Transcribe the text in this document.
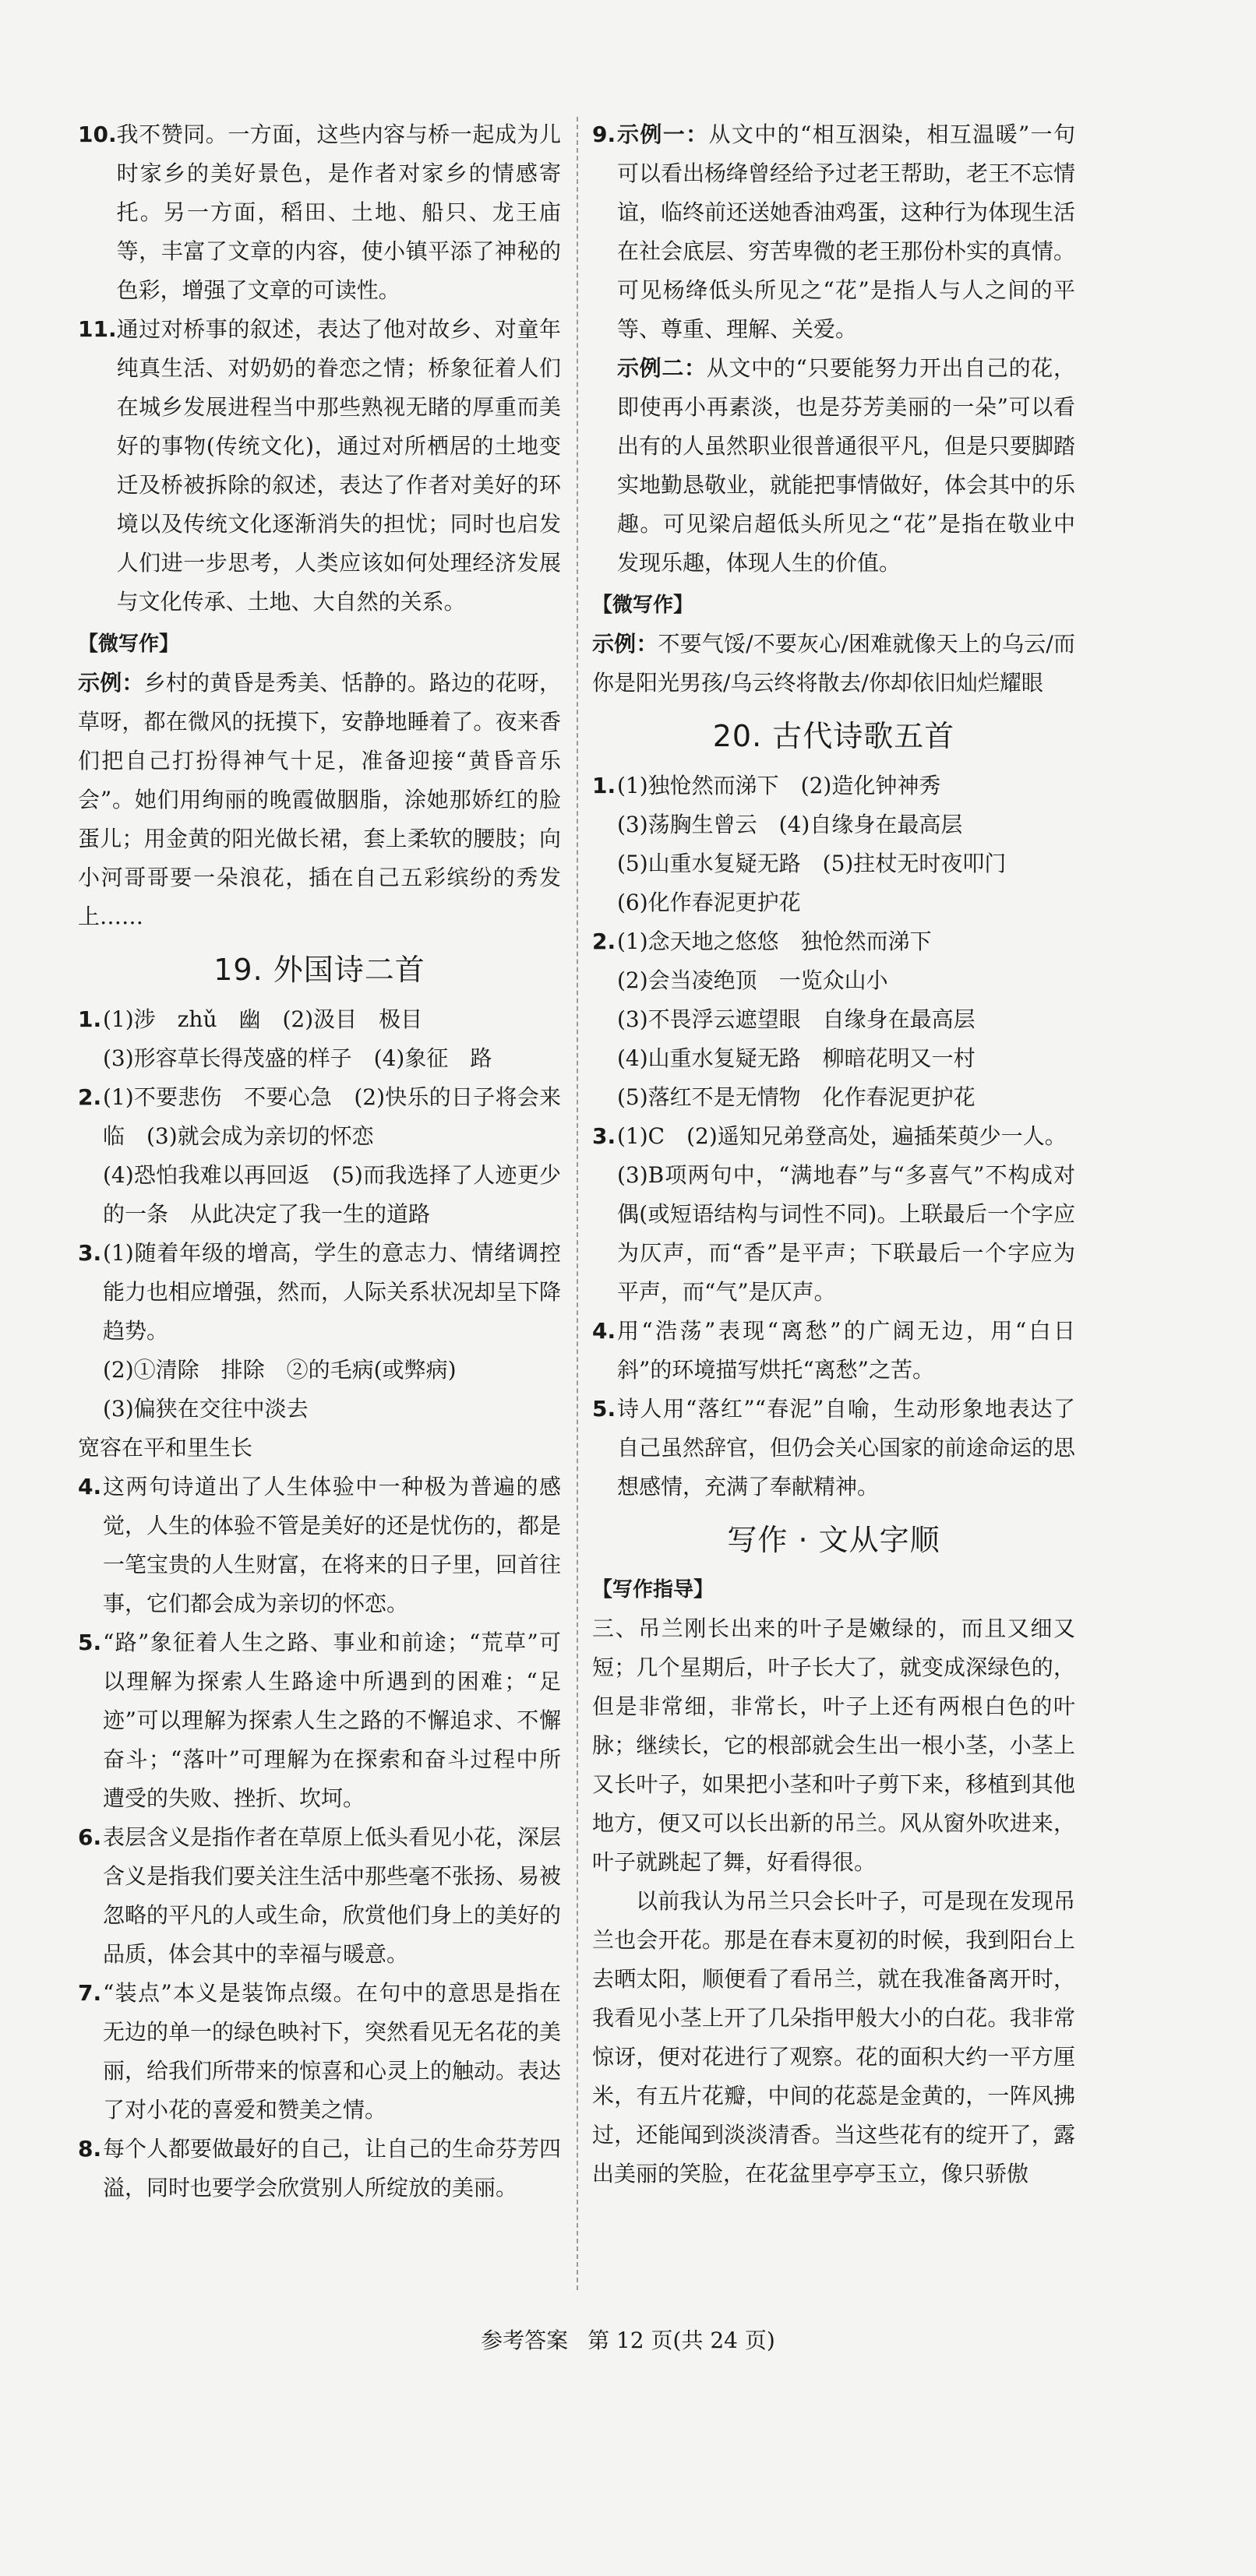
10. 我不赞同。一方面，这些内容与桥一起成为儿时家乡的美好景色，是作者对家乡的情感寄托。另一方面，稻田、土地、船只、龙王庙等，丰富了文章的内容，使小镇平添了神秘的色彩，增强了文章的可读性。

11. 通过对桥事的叙述，表达了他对故乡、对童年纯真生活、对奶奶的眷恋之情；桥象征着人们在城乡发展进程当中那些熟视无睹的厚重而美好的事物(传统文化)，通过对所栖居的土地变迁及桥被拆除的叙述，表达了作者对美好的环境以及传统文化逐渐消失的担忧；同时也启发人们进一步思考，人类应该如何处理经济发展与文化传承、土地、大自然的关系。

【微写作】

示例：乡村的黄昏是秀美、恬静的。路边的花呀，草呀，都在微风的抚摸下，安静地睡着了。夜来香们把自己打扮得神气十足，准备迎接“黄昏音乐会”。她们用绚丽的晚霞做胭脂，涂她那娇红的脸蛋儿；用金黄的阳光做长裙，套上柔软的腰肢；向小河哥哥要一朵浪花，插在自己五彩缤纷的秀发上……

19. 外国诗二首

1. (1)涉　zhǔ　幽　(2)汲目　极目

(3)形容草长得茂盛的样子　(4)象征　路

2. (1)不要悲伤　不要心急　(2)快乐的日子将会来临　(3)就会成为亲切的怀恋

(4)恐怕我难以再回返　(5)而我选择了人迹更少的一条　从此决定了我一生的道路

3. (1)随着年级的增高，学生的意志力、情绪调控能力也相应增强，然而，人际关系状况却呈下降趋势。

(2)①清除　排除　②的毛病(或弊病)

(3)偏狭在交往中淡去

宽容在平和里生长

4. 这两句诗道出了人生体验中一种极为普遍的感觉，人生的体验不管是美好的还是忧伤的，都是一笔宝贵的人生财富，在将来的日子里，回首往事，它们都会成为亲切的怀恋。

5. “路”象征着人生之路、事业和前途；“荒草”可以理解为探索人生路途中所遇到的困难；“足迹”可以理解为探索人生之路的不懈追求、不懈奋斗；“落叶”可理解为在探索和奋斗过程中所遭受的失败、挫折、坎坷。

6. 表层含义是指作者在草原上低头看见小花，深层含义是指我们要关注生活中那些毫不张扬、易被忽略的平凡的人或生命，欣赏他们身上的美好的品质，体会其中的幸福与暖意。

7. “装点”本义是装饰点缀。在句中的意思是指在无边的单一的绿色映衬下，突然看见无名花的美丽，给我们所带来的惊喜和心灵上的触动。表达了对小花的喜爱和赞美之情。

8. 每个人都要做最好的自己，让自己的生命芬芳四溢，同时也要学会欣赏别人所绽放的美丽。

9. 示例一：从文中的“相互洇染，相互温暖”一句可以看出杨绛曾经给予过老王帮助，老王不忘情谊，临终前还送她香油鸡蛋，这种行为体现生活在社会底层、穷苦卑微的老王那份朴实的真情。可见杨绛低头所见之“花”是指人与人之间的平等、尊重、理解、关爱。

示例二：从文中的“只要能努力开出自己的花，即使再小再素淡，也是芬芳美丽的一朵”可以看出有的人虽然职业很普通很平凡，但是只要脚踏实地勤恳敬业，就能把事情做好，体会其中的乐趣。可见梁启超低头所见之“花”是指在敬业中发现乐趣，体现人生的价值。

【微写作】

示例：不要气馁/不要灰心/困难就像天上的乌云/而你是阳光男孩/乌云终将散去/你却依旧灿烂耀眼

20. 古代诗歌五首

1. (1)独怆然而涕下　(2)造化钟神秀

(3)荡胸生曾云　(4)自缘身在最高层

(5)山重水复疑无路　(5)拄杖无时夜叩门

(6)化作春泥更护花

2. (1)念天地之悠悠　独怆然而涕下

(2)会当凌绝顶　一览众山小

(3)不畏浮云遮望眼　自缘身在最高层

(4)山重水复疑无路　柳暗花明又一村

(5)落红不是无情物　化作春泥更护花

3. (1)C　(2)遥知兄弟登高处，遍插茱萸少一人。

(3)B项两句中，“满地春”与“多喜气”不构成对偶(或短语结构与词性不同)。上联最后一个字应为仄声，而“香”是平声；下联最后一个字应为平声，而“气”是仄声。

4. 用“浩荡”表现“离愁”的广阔无边，用“白日斜”的环境描写烘托“离愁”之苦。

5. 诗人用“落红”“春泥”自喻，生动形象地表达了自己虽然辞官，但仍会关心国家的前途命运的思想感情，充满了奉献精神。

写作 · 文从字顺

【写作指导】

三、吊兰刚长出来的叶子是嫩绿的，而且又细又短；几个星期后，叶子长大了，就变成深绿色的，但是非常细，非常长，叶子上还有两根白色的叶脉；继续长，它的根部就会生出一根小茎，小茎上又长叶子，如果把小茎和叶子剪下来，移植到其他地方，便又可以长出新的吊兰。风从窗外吹进来，叶子就跳起了舞，好看得很。

以前我认为吊兰只会长叶子，可是现在发现吊兰也会开花。那是在春末夏初的时候，我到阳台上去晒太阳，顺便看了看吊兰，就在我准备离开时，我看见小茎上开了几朵指甲般大小的白花。我非常惊讶，便对花进行了观察。花的面积大约一平方厘米，有五片花瓣，中间的花蕊是金黄的，一阵风拂过，还能闻到淡淡清香。当这些花有的绽开了，露出美丽的笑脸，在花盆里亭亭玉立，像只骄傲

参考答案 第 12 页(共 24 页)
